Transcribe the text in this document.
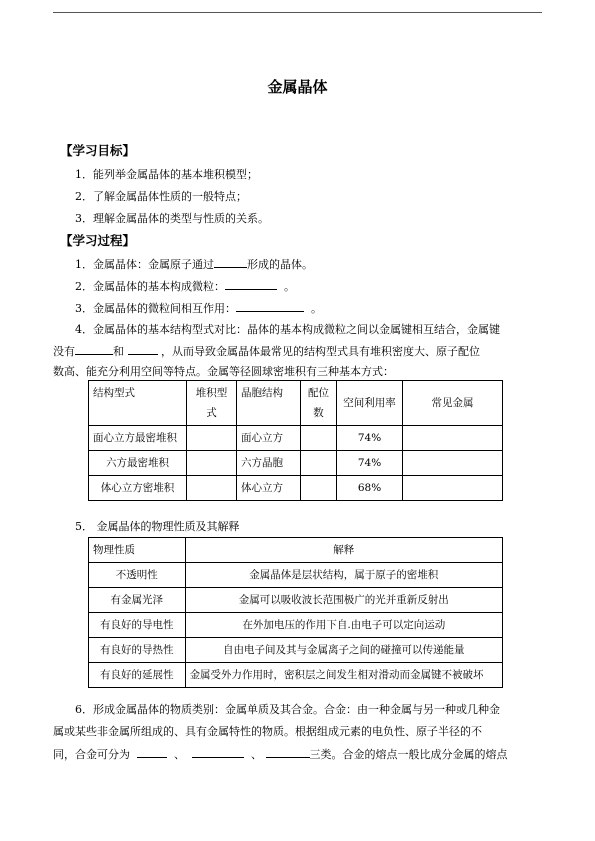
金属晶体
【学习目标】
1．能列举金属晶体的基本堆积模型；
2．了解金属晶体性质的一般特点；
3．理解金属晶体的类型与性质的关系。
【学习过程】
1．金属晶体：金属原子通过	形成的晶体。
2．金属晶体的基本构成微粒：	。
3．金属晶体的微粒间相互作用：	。
4．金属晶体的基本结构型式对比：晶体的基本构成微粒之间以金属键相互结合，金属键
没有	和	，从而导致金属晶体最常见的结构型式具有堆积密度大、原子配位
数高、能充分利用空间等特点。金属等径圆球密堆积有三种基本方式：
结构型式	堆积型式	晶胞结构	配位数	空间利用率	常见金属
面心立方最密堆积		面心立方		74%	
六方最密堆积		六方晶胞		74%	
体心立方密堆积		体心立方		68%	
5． 金属晶体的物理性质及其解释
物理性质	解释
不透明性	金属晶体是层状结构，属于原子的密堆积
有金属光泽	金属可以吸收波长范围极广的光并重新反射出
有良好的导电性	在外加电压的作用下自.由电子可以定向运动
有良好的导热性	自由电子间及其与金属离子之间的碰撞可以传递能量
有良好的延展性	金属受外力作用时，密积层之间发生相对滑动而金属键不被破坏
6．形成金属晶体的物质类别：金属单质及其合金。合金：由一种金属与另一种或几种金
属或某些非金属所组成的、具有金属特性的物质。根据组成元素的电负性、原子半径的不
同，合金可分为	、	、	三类。合金的熔点一般比成分金属的熔点
